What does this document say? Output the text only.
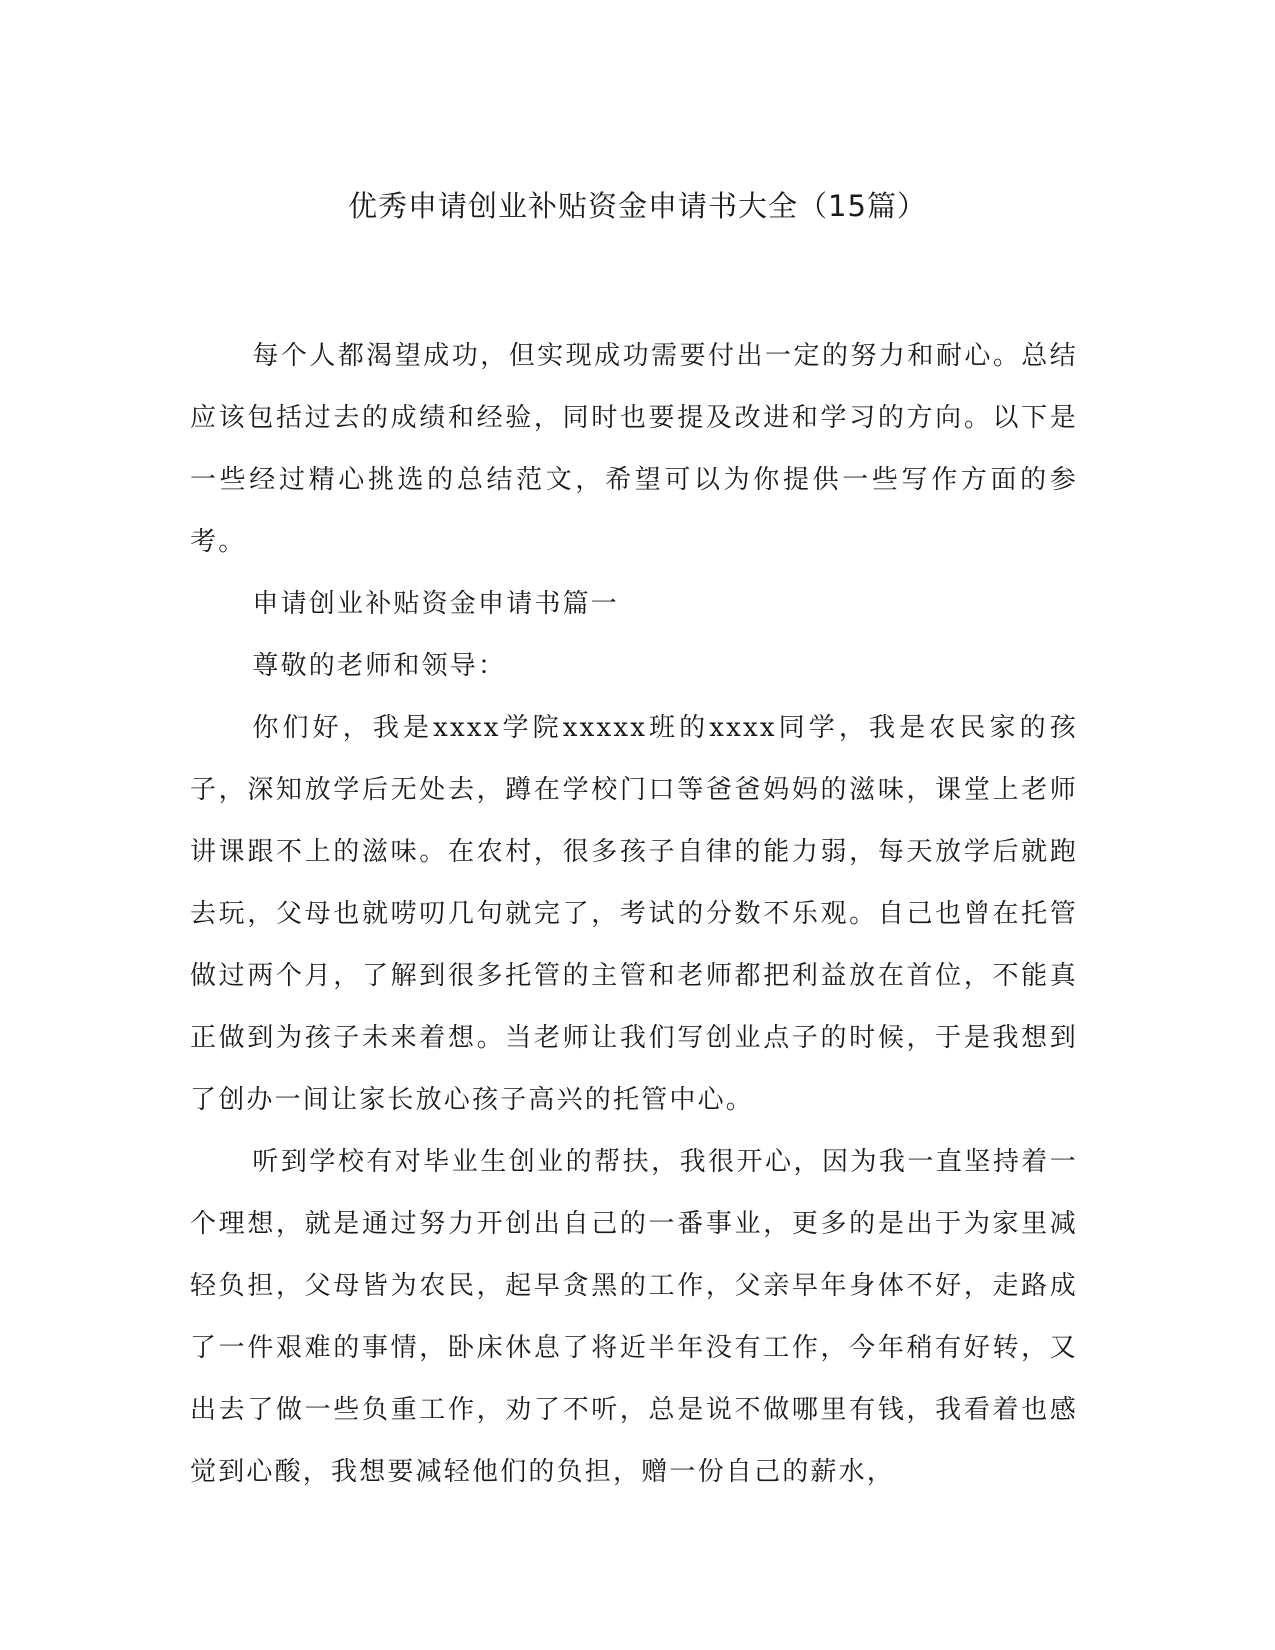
优秀申请创业补贴资金申请书大全（15篇）

每个人都渴望成功，但实现成功需要付出一定的努力和耐心。总结应该包括过去的成绩和经验，同时也要提及改进和学习的方向。以下是一些经过精心挑选的总结范文，希望可以为你提供一些写作方面的参考。

申请创业补贴资金申请书篇一

尊敬的老师和领导：

你们好，我是xxxx学院xxxxx班的xxxx同学，我是农民家的孩子，深知放学后无处去，蹲在学校门口等爸爸妈妈的滋味，课堂上老师讲课跟不上的滋味。在农村，很多孩子自律的能力弱，每天放学后就跑去玩，父母也就唠叨几句就完了，考试的分数不乐观。自己也曾在托管做过两个月，了解到很多托管的主管和老师都把利益放在首位，不能真正做到为孩子未来着想。当老师让我们写创业点子的时候，于是我想到了创办一间让家长放心孩子高兴的托管中心。

听到学校有对毕业生创业的帮扶，我很开心，因为我一直坚持着一个理想，就是通过努力开创出自己的一番事业，更多的是出于为家里减轻负担，父母皆为农民，起早贪黑的工作，父亲早年身体不好，走路成了一件艰难的事情，卧床休息了将近半年没有工作，今年稍有好转，又出去了做一些负重工作，劝了不听，总是说不做哪里有钱，我看着也感觉到心酸，我想要减轻他们的负担，赠一份自己的薪水，
